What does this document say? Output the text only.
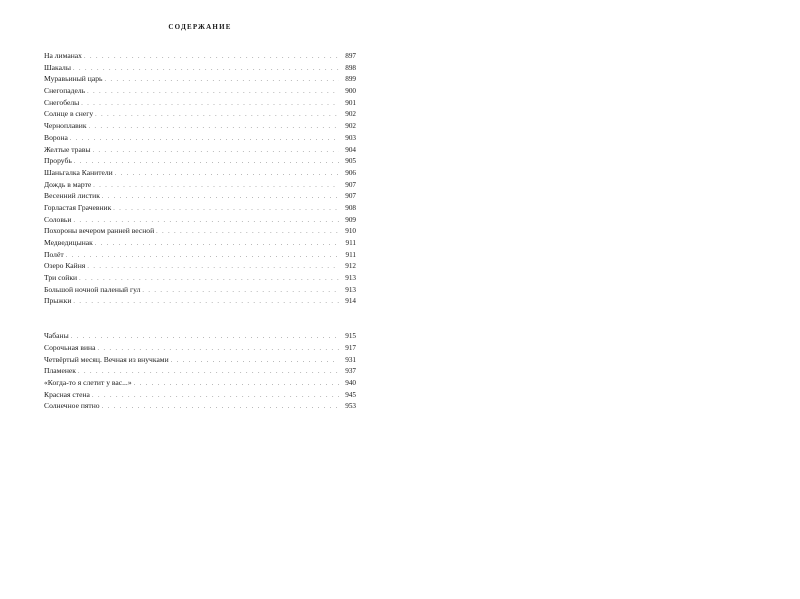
СОДЕРЖАНИЕ
На лиманах . . .	897
Шакалы . . .	898
Муравьиный царь . . .	899
Снегопадель . . .	900
Снегобелы . . .	901
Солнце в снегу . . .	902
Черноплавик . . .	902
Ворона . . .	903
Желтые травы . . .	904
Прорубь . . .	905
Шаньгалка Канители . . .	906
Дождь в марте . . .	907
Весенний листик . . .	907
Горластая Грачевник . . .	908
Соловьи . . .	909
Похороны вечером ранней весной . . .	910
Медведицынак . . .	911
Полёт . . .	911
Озеро Кайня . . .	912
Три сойки . . .	913
Большой ночной паленый гул . . .	913
Прыжки . . .	914
Чабаны . . .	915
Сорочьная вина . . .	917
Четвёртый месяц. Вечная из внучками . . .	931
Пламенек . . .	937
«Когда-то я слетит у вас...» . . .	940
Красная стена . . .	945
Солнечное пятно . . .	953
